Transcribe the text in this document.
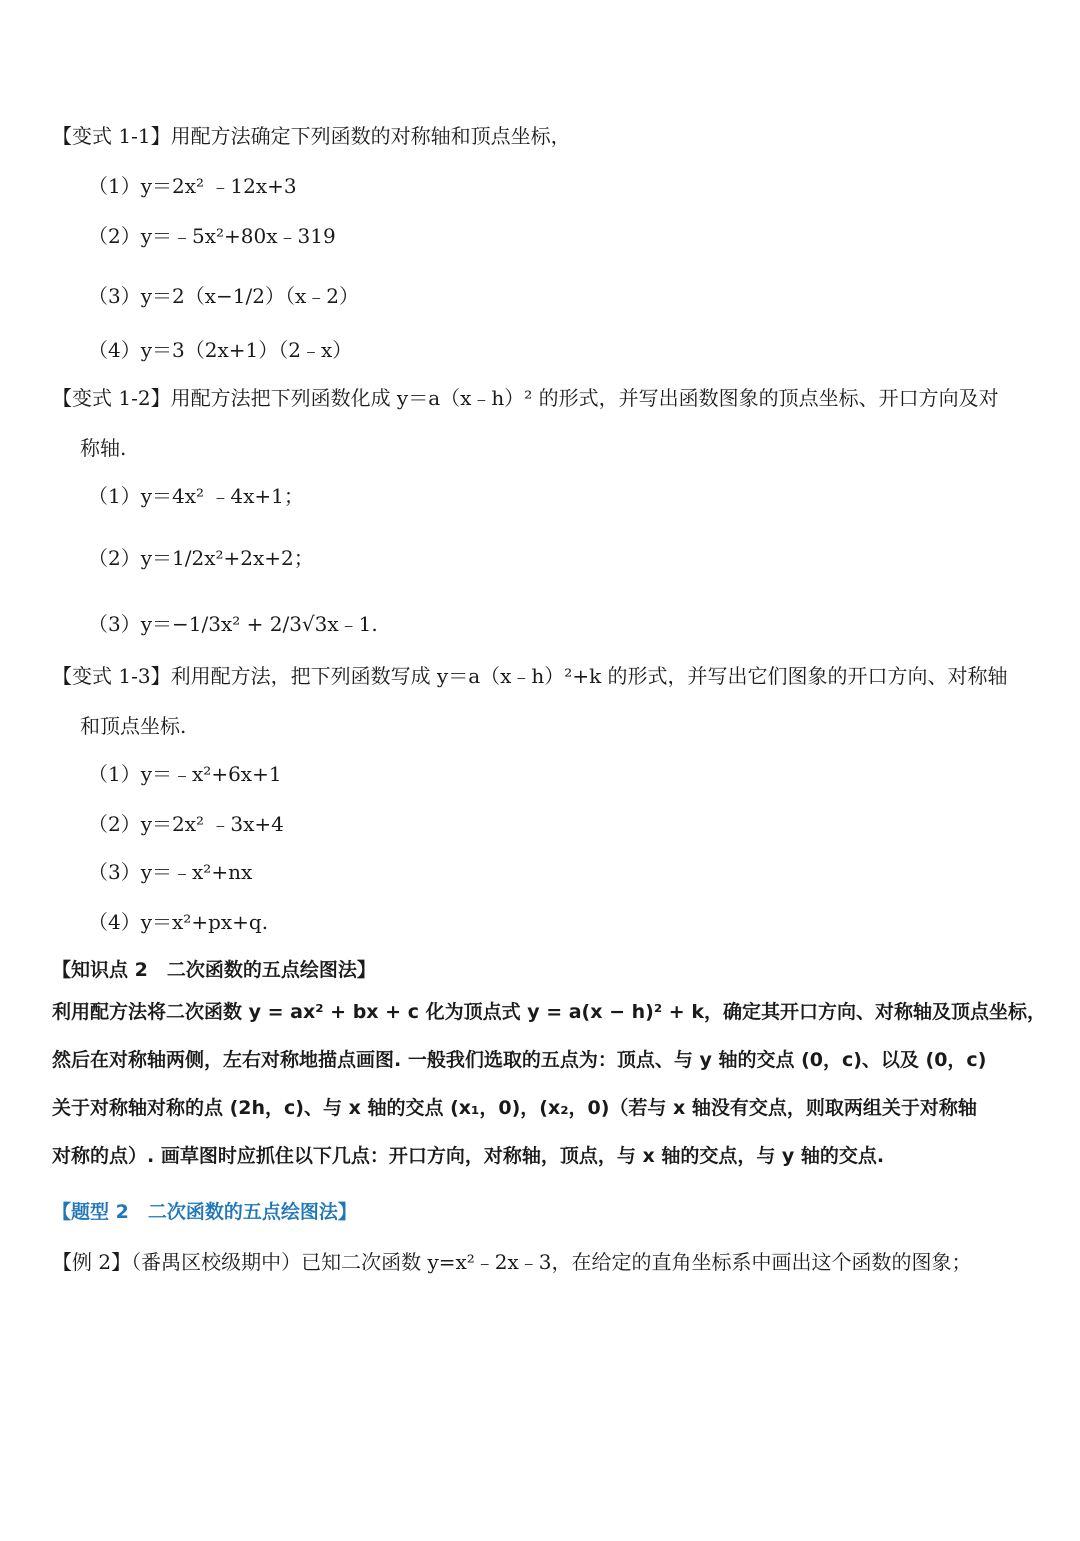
【变式 1-1】用配方法确定下列函数的对称轴和顶点坐标，
（1）y＝2x² ﹣12x+3
（2）y＝﹣5x²+80x﹣319
（3）y＝2（x−1/2）（x﹣2）
（4）y＝3（2x+1）（2﹣x）
【变式 1-2】用配方法把下列函数化成 y＝a（x﹣h）² 的形式，并写出函数图象的顶点坐标、开口方向及对
称轴.
（1）y＝4x² ﹣4x+1；
（2）y＝1/2x²+2x+2；
（3）y＝−1/3x² + 2/3√3x﹣1.
【变式 1-3】利用配方法，把下列函数写成 y＝a（x﹣h）²+k 的形式，并写出它们图象的开口方向、对称轴
和顶点坐标.
（1）y＝﹣x²+6x+1
（2）y＝2x² ﹣3x+4
（3）y＝﹣x²+nx
（4）y＝x²+px+q.
【知识点 2　二次函数的五点绘图法】
利用配方法将二次函数 y = ax² + bx + c 化为顶点式 y = a(x − h)² + k，确定其开口方向、对称轴及顶点坐标，
然后在对称轴两侧，左右对称地描点画图. 一般我们选取的五点为：顶点、与 y 轴的交点 (0，c)、以及 (0，c)
关于对称轴对称的点 (2h，c)、与 x 轴的交点 (x₁，0)，(x₂，0)（若与 x 轴没有交点，则取两组关于对称轴
对称的点）. 画草图时应抓住以下几点：开口方向，对称轴，顶点，与 x 轴的交点，与 y 轴的交点.
【题型 2　二次函数的五点绘图法】
【例 2】（番禺区校级期中）已知二次函数 y=x²﹣2x﹣3，在给定的直角坐标系中画出这个函数的图象；
